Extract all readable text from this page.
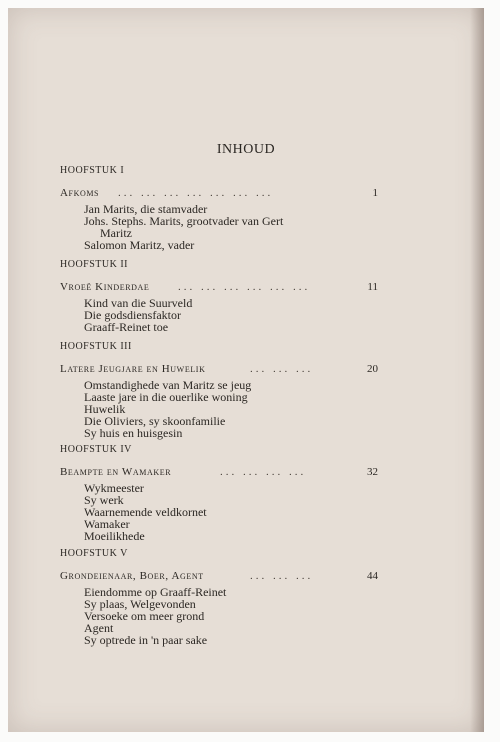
INHOUD
HOOFSTUK I
Afkoms ... ... ... ... ... ... ...	1
Jan Marits, die stamvader
Johs. Stephs. Marits, grootvader van Gert
Maritz
Salomon Maritz, vader
HOOFSTUK II
Vroeë Kinderdae	... ... ... ... ... ...	11
Kind van die Suurveld
Die godsdiensfaktor
Graaff-Reinet toe
HOOFSTUK III
Latere Jeugjare en Huwelik	... ... ...	20
Omstandighede van Maritz se jeug
Laaste jare in die ouerlike woning
Huwelik
Die Oliviers, sy skoonfamilie
Sy huis en huisgesin
HOOFSTUK IV
Beampte en Wamaker	... ... ... ...	32
Wykmeester
Sy werk
Waarnemende veldkornet
Wamaker
Moeilikhede
HOOFSTUK V
Grondeienaar, Boer, Agent	... ... ...	44
Eiendomme op Graaff-Reinet
Sy plaas, Welgevonden
Versoeke om meer grond
Agent
Sy optrede in 'n paar sake
